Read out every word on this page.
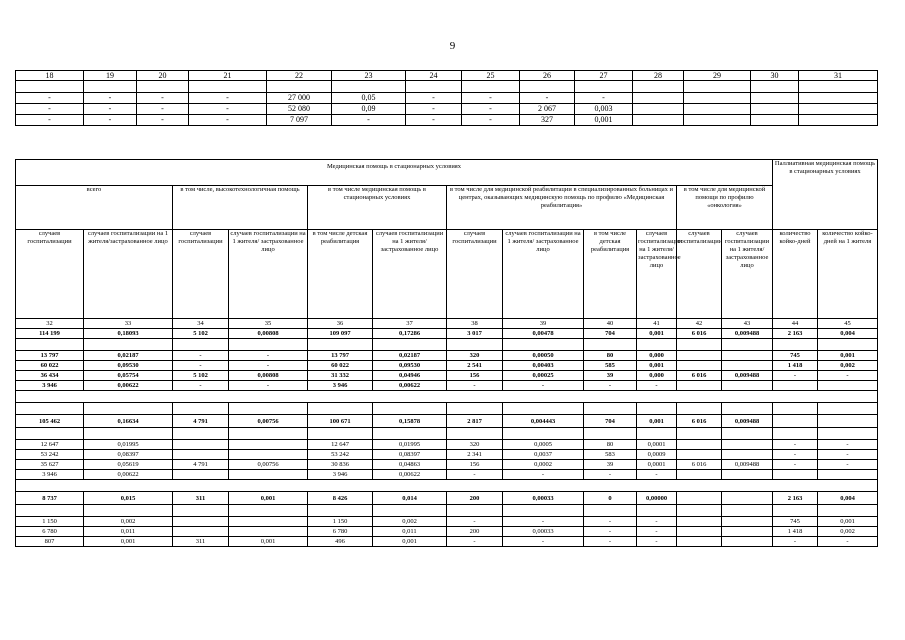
9
18	19	20	21	22	23	24	25	26	27	28	29	30	31

-	-	-	-	27 000	0,05	-	-	-	-				
-	-	-	-	52 080	0,09	-	-	2 067	0,003				
-	-	-	-	7 097	-	-	-	327	0,001				
Медицинская помощь в стационарных условиях												Паллиативная медицинская помощь в стационарных условиях	
всего		в том числе, высокотехнологичная помощь		в том числе медицинская помощь в стационарных условиях		в том числе для медицинской реабилитации в специализированных больницах и центрах, оказывающих медицинскую помощь по профилю «Медицинская реабилитация»				в том числе для медицинской помощи по профилю «онкология»			
случаев госпитализации	случаев госпитализации на 1 жителя/застрахованное лицо	случаев госпитализации	случаев госпитализации на 1 жителя/ застрахованное лицо	в том числе детская реабилитация	случаев госпитализации на 1 жителя/ застрахованное лицо	случаев госпитализации	случаев госпитализации на 1 жителя/ застрахованное лицо	в том числе детская реабилитация	случаев госпитализации на 1 жителя/ застрахованное лицо	случаев госпитализации	случаев госпитализации на 1 жителя/ застрахованное лицо	количество койко-дней	количество койко-дней на 1 жителя
32	33	34	35	36	37	38	39	40	41	42	43	44	45
114 199	0,18093	5 102	0,00808	109 097	0,17286	3 017	0,00478	704	0,001	6 016	0,009488	2 163	0,004

13 797	0,02187	-	-	13 797	0,02187	320	0,00050	80	0,000			745	0,001
60 022	0,09530	-	-	60 022	0,09530	2 541	0,00403	585	0,001			1 418	0,002
36 434	0,05754	5 102	0,00808	31 332	0,04946	156	0,00025	39	0,000	6 016	0,009488	-	-
3 946	0,00622	-	-	3 946	0,00622	-	-	-	-				

105 462	0,16634	4 791	0,00756	100 671	0,15878	2 817	0,004443	704	0,001	6 016	0,009488		

12 647	0,01995			12 647	0,01995	320	0,0005	80	0,0001			-	-
53 242	0,08397			53 242	0,08397	2 341	0,0037	583	0,0009			-	-
35 627	0,05619	4 791	0,00756	30 836	0,04863	156	0,0002	39	0,0001	6 016	0,009488	-	-
3 946	0,00622			3 946	0,00622	-	-	-	-				

8 737	0,015	311	0,001	8 426	0,014	200	0,00033	0	0,00000			2 163	0,004

1 150	0,002			1 150	0,002	-	-	-	-			745	0,001
6 780	0,011			6 780	0,011	200	0,00033	-	-			1 418	0,002
807	0,001	311	0,001	496	0,001	-	-	-	-			-	-
